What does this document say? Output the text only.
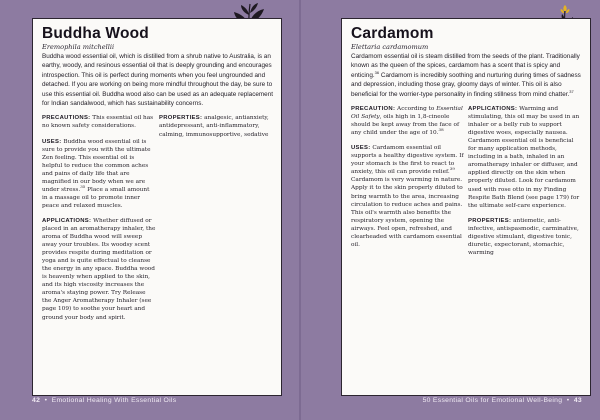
Buddha Wood
Eremophila mitchellii
Buddha wood essential oil, which is distilled from a shrub native to Australia, is an earthy, woody, and resinous essential oil that is deeply grounding and encourages introspection. This oil is perfect during moments when you feel ungrounded and detached. If you are working on being more mindful throughout the day, be sure to use this essential oil. Buddha wood also can be used as an adequate replacement for Indian sandalwood, which has sustainability concerns.

PRECAUTIONS: This essential oil has no known safety considerations.

USES: Buddha wood essential oil is sure to provide you with the ultimate Zen feeling. This essential oil is helpful to reduce the common aches and pains of daily life that are magnified in our body when we are under stress.$^{35}$ Place a small amount in a massage oil to promote inner peace and relaxed muscles.

APPLICATIONS: Whether diffused or placed in an aromatherapy inhaler, the aroma of Buddha wood will sweep away your troubles. Its woodsy scent provides respite during meditation or yoga and is quite effectual to cleanse the energy in any space. Buddha wood is heavenly when applied to the skin, and its high viscosity increases the aroma's staying power. Try Release the Anger Aromatherapy Inhaler (see page 109) to soothe your heart and ground your body and spirit.

PROPERTIES: analgesic, antianxiety, antidepressant, anti-inflammatory, calming, immunosupportive, sedative

42 • Emotional Healing With Essential Oils
Cardamom
Elettaria cardamomum
Cardamom essential oil is steam distilled from the seeds of the plant. Traditionally known as the queen of the spices, cardamom has a scent that is spicy and enticing.$^{36}$ Cardamom is incredibly soothing and nurturing during times of sadness and depression, including those gray, gloomy days of winter. This oil is also beneficial for the worrier-type personality in finding stillness from mind chatter.$^{37}$

PRECAUTION: According to Essential Oil Safety, oils high in 1,8-cineole should be kept away from the face of any child under the age of 10.38

USES: Cardamom essential oil supports a healthy digestive system. If your stomach is the first to react to anxiety, this oil can provide relief.$^{39}$ Cardamom is very warming in nature. Apply it to the skin properly diluted to bring warmth to the area, increasing circulation to reduce aches and pains. This oil's warmth also benefits the respiratory system, opening the airways. Feel open, refreshed, and clearheaded with cardamom essential oil.

APPLICATIONS: Warming and stimulating, this oil may be used in an inhaler or a belly rub to support digestive woes, especially nausea. Cardamom essential oil is beneficial for many application methods, including in a bath, inhaled in an aromatherapy inhaler or diffuser, and applied directly on the skin when properly diluted. Look for cardamom used with rose otto in my Finding Respite Bath Blend (see page 179) for the ultimate self-care experience.

PROPERTIES: antiemetic, anti-infective, antispasmodic, carminative, digestive stimulant, digestive tonic, diuretic, expectorant, stomachic, warming

50 Essential Oils for Emotional Well-Being • 43
